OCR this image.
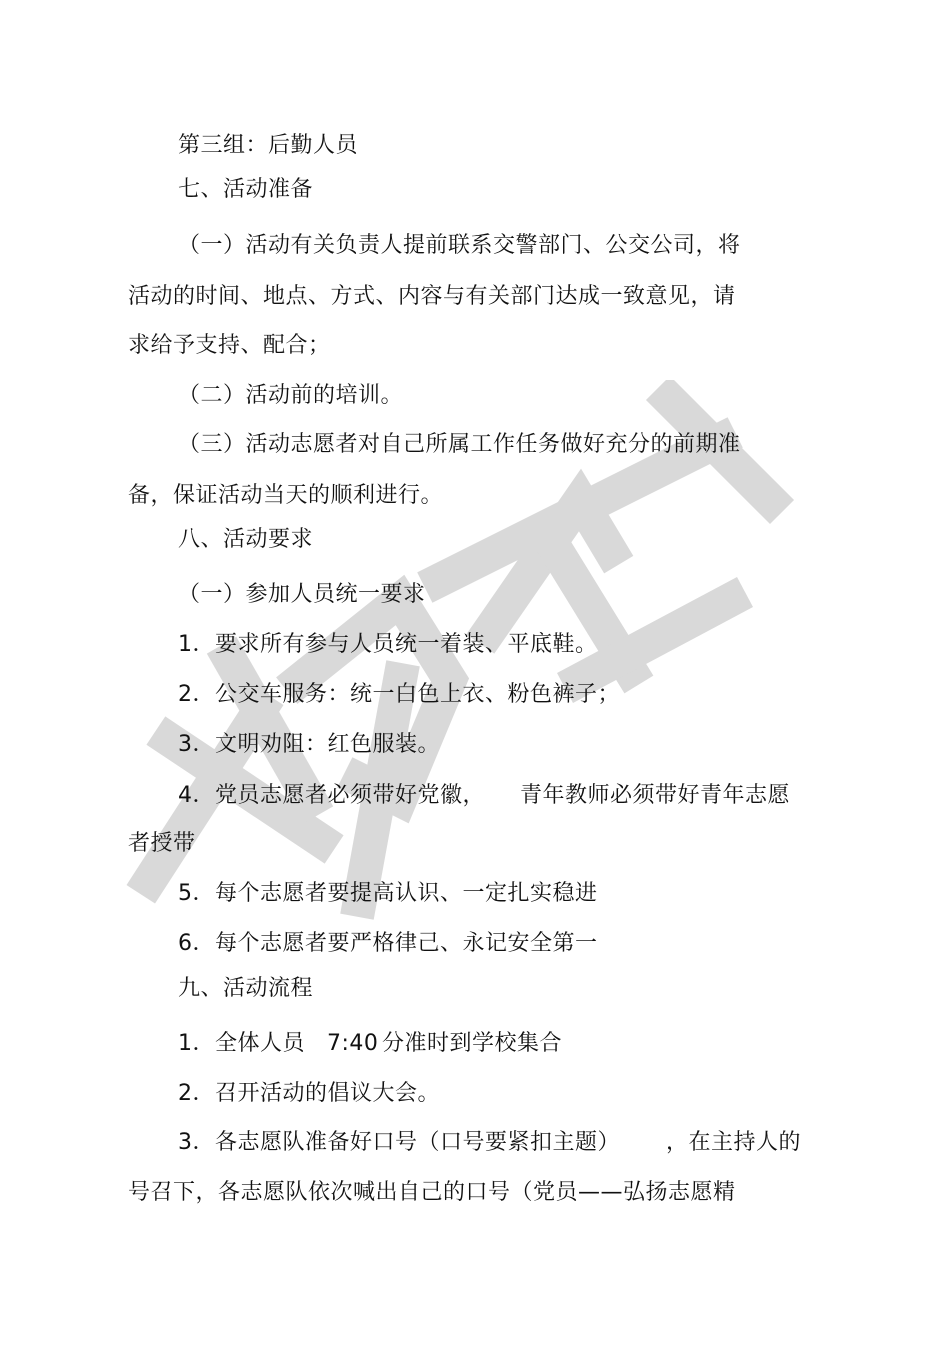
第三组：后勤人员
七、活动准备
（一）活动有关负责人提前联系交警部门、公交公司，将
活动的时间、地点、方式、内容与有关部门达成一致意见，请
求给予支持、配合；
（二）活动前的培训。
（三）活动志愿者对自己所属工作任务做好充分的前期准
备，保证活动当天的顺利进行。
八、活动要求
（一）参加人员统一要求
1．要求所有参与人员统一着装、平底鞋。
2．公交车服务：统一白色上衣、粉色裤子；
3．文明劝阻：红色服装。
4．党员志愿者必须带好党徽， 青年教师必须带好青年志愿
者授带
5．每个志愿者要提高认识、一定扎实稳进
6．每个志愿者要严格律己、永记安全第一
九、活动流程
1．全体人员 7:40 分准时到学校集合
2．召开活动的倡议大会。
3．各志愿队准备好口号（口号要紧扣主题） ，在主持人的
号召下，各志愿队依次喊出自己的口号（党员——弘扬志愿精
